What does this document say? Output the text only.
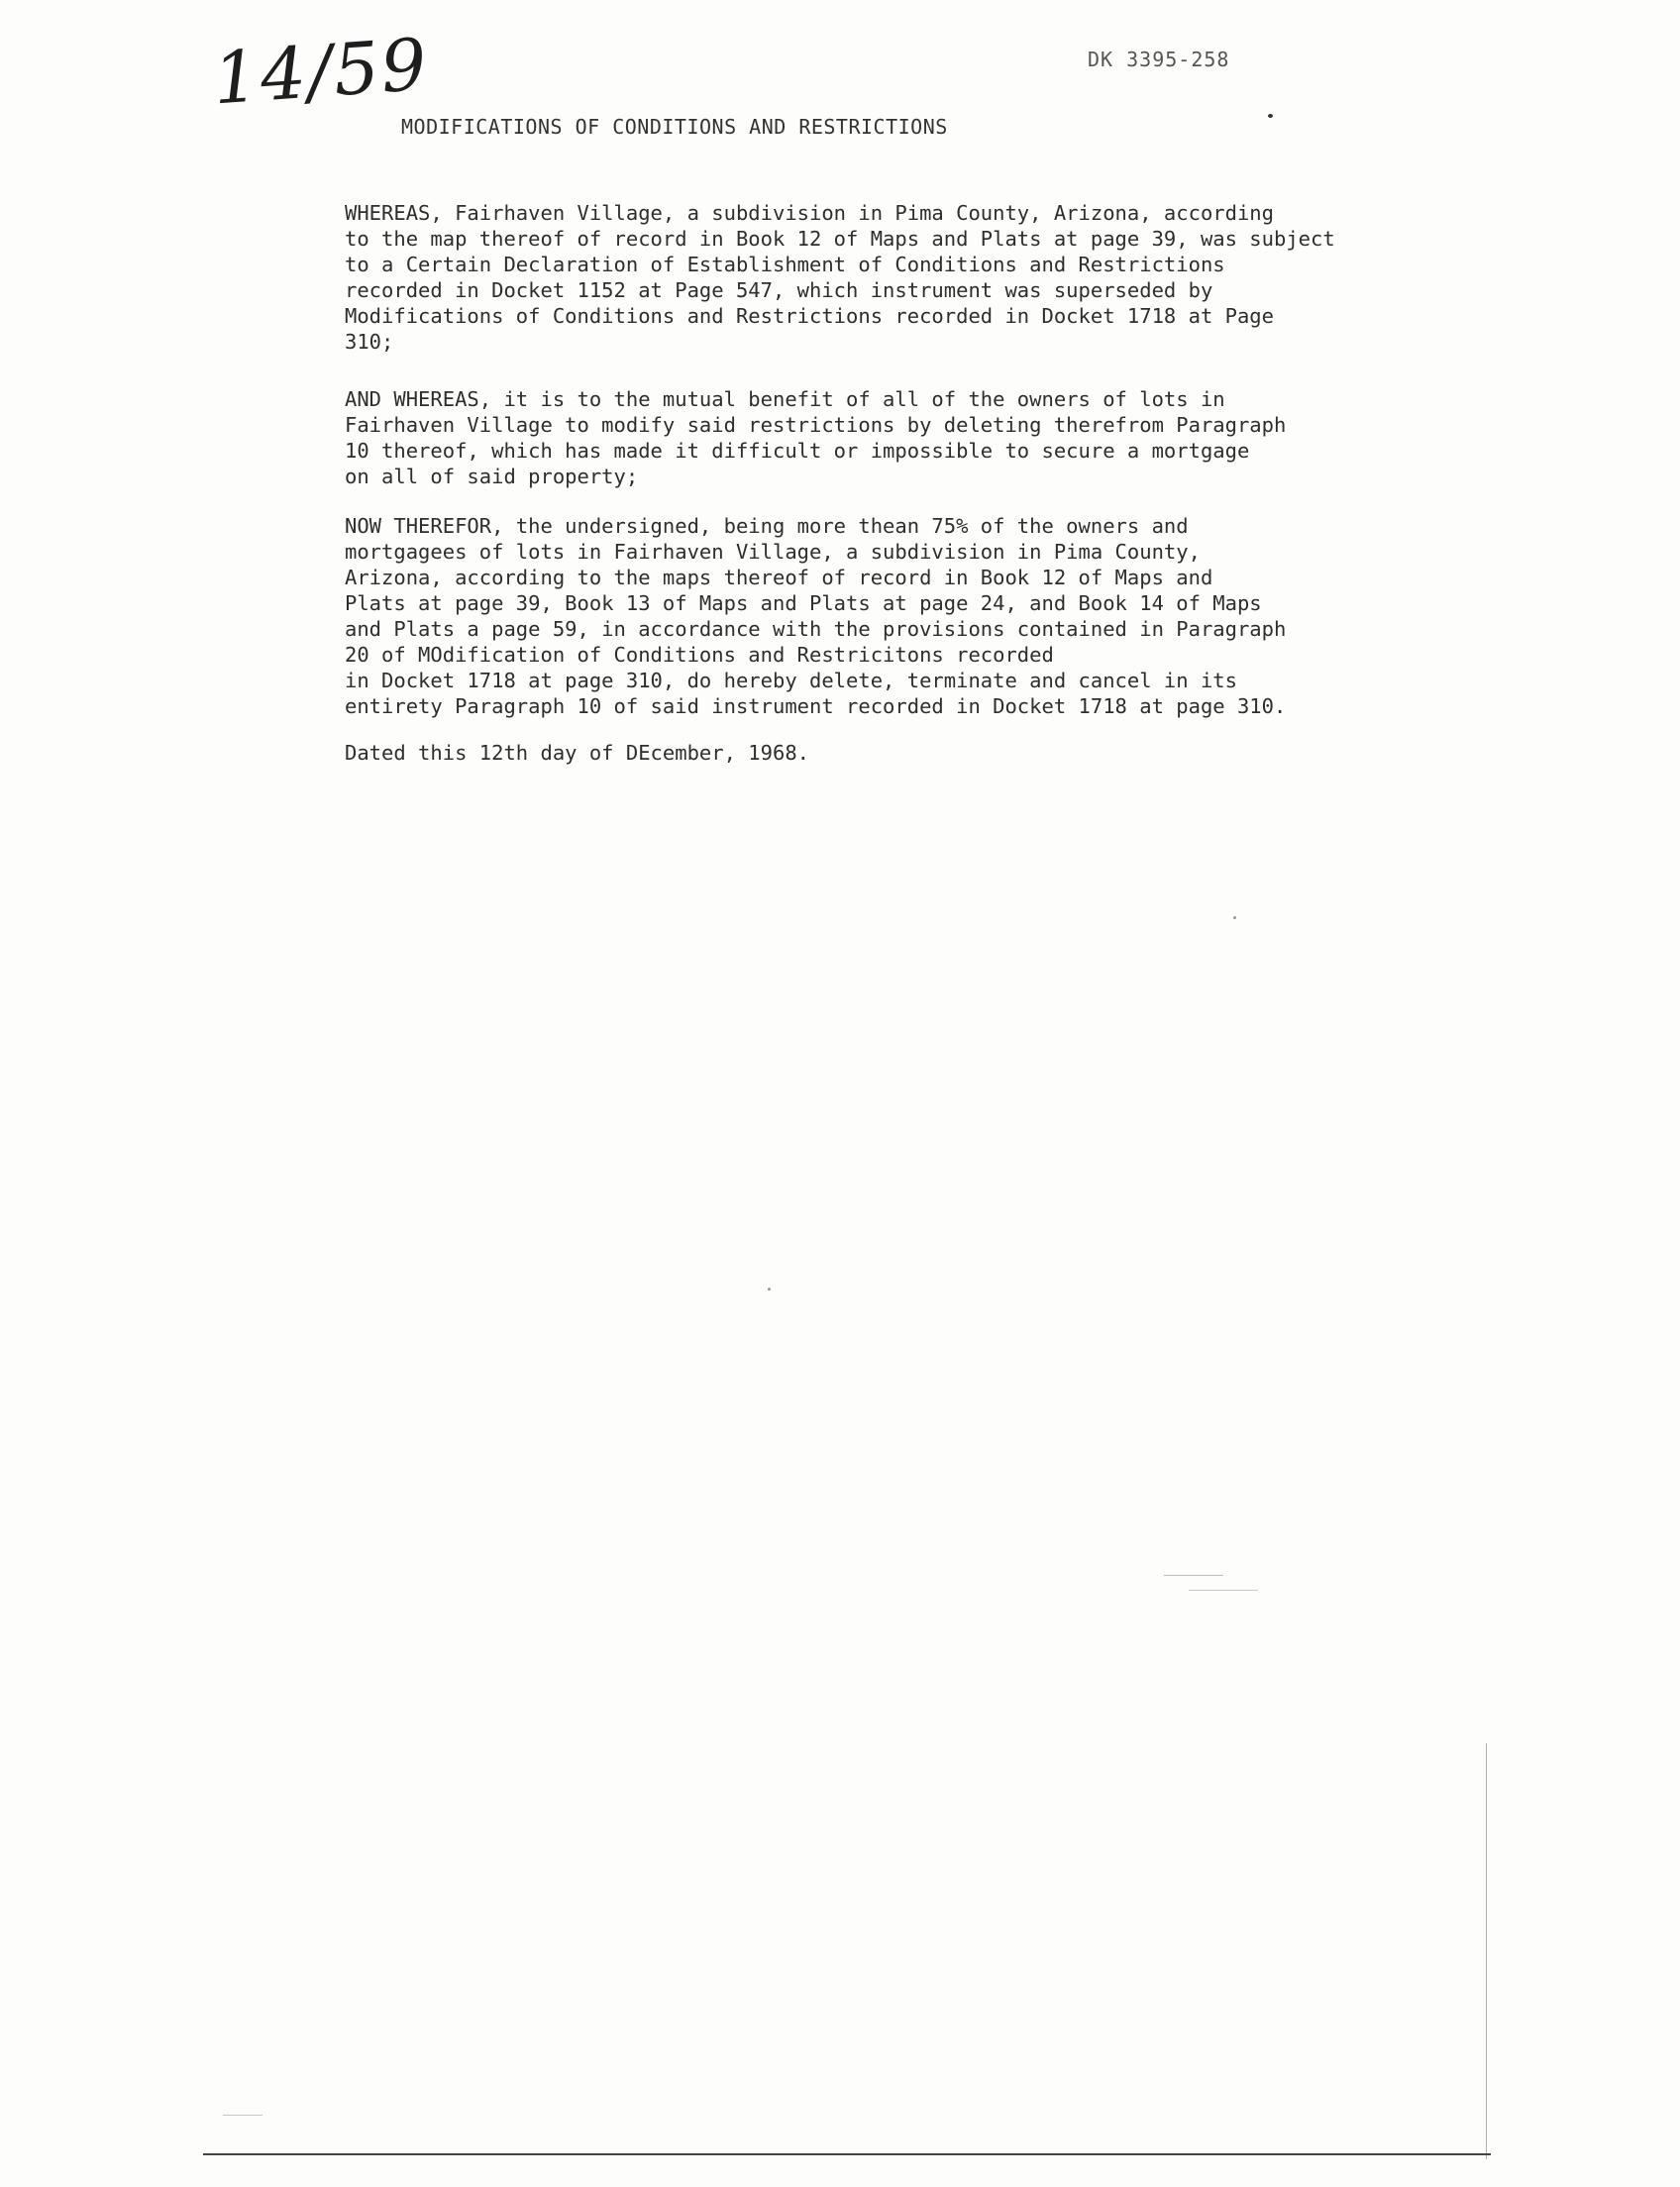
14/59	DK 3395-258
MODIFICATIONS OF CONDITIONS AND RESTRICTIONS
WHEREAS, Fairhaven Village, a subdivision in Pima County, Arizona, according
to the map thereof of record in Book 12 of Maps and Plats at page 39, was subject
to a Certain Declaration of Establishment of Conditions and Restrictions
recorded in Docket 1152 at Page 547, which instrument was superseded by
Modifications of Conditions and Restrictions recorded in Docket 1718 at Page
310;
AND WHEREAS, it is to the mutual benefit of all of the owners of lots in
Fairhaven Village to modify said restrictions by deleting therefrom Paragraph
10 thereof, which has made it difficult or impossible to secure a mortgage
on all of said property;
NOW THEREFOR, the undersigned, being more thean 75% of the owners and
mortgagees of lots in Fairhaven Village, a subdivision in Pima County,
Arizona, according to the maps thereof of record in Book 12 of Maps and
Plats at page 39, Book 13 of Maps and Plats at page 24, and Book 14 of Maps
and Plats a page 59, in accordance with the provisions contained in Paragraph
20 of MOdification of Conditions and Restricitons recorded
in Docket 1718 at page 310, do hereby delete, terminate and cancel in its
entirety Paragraph 10 of said instrument recorded in Docket 1718 at page 310.
Dated this 12th day of DEcember, 1968.
